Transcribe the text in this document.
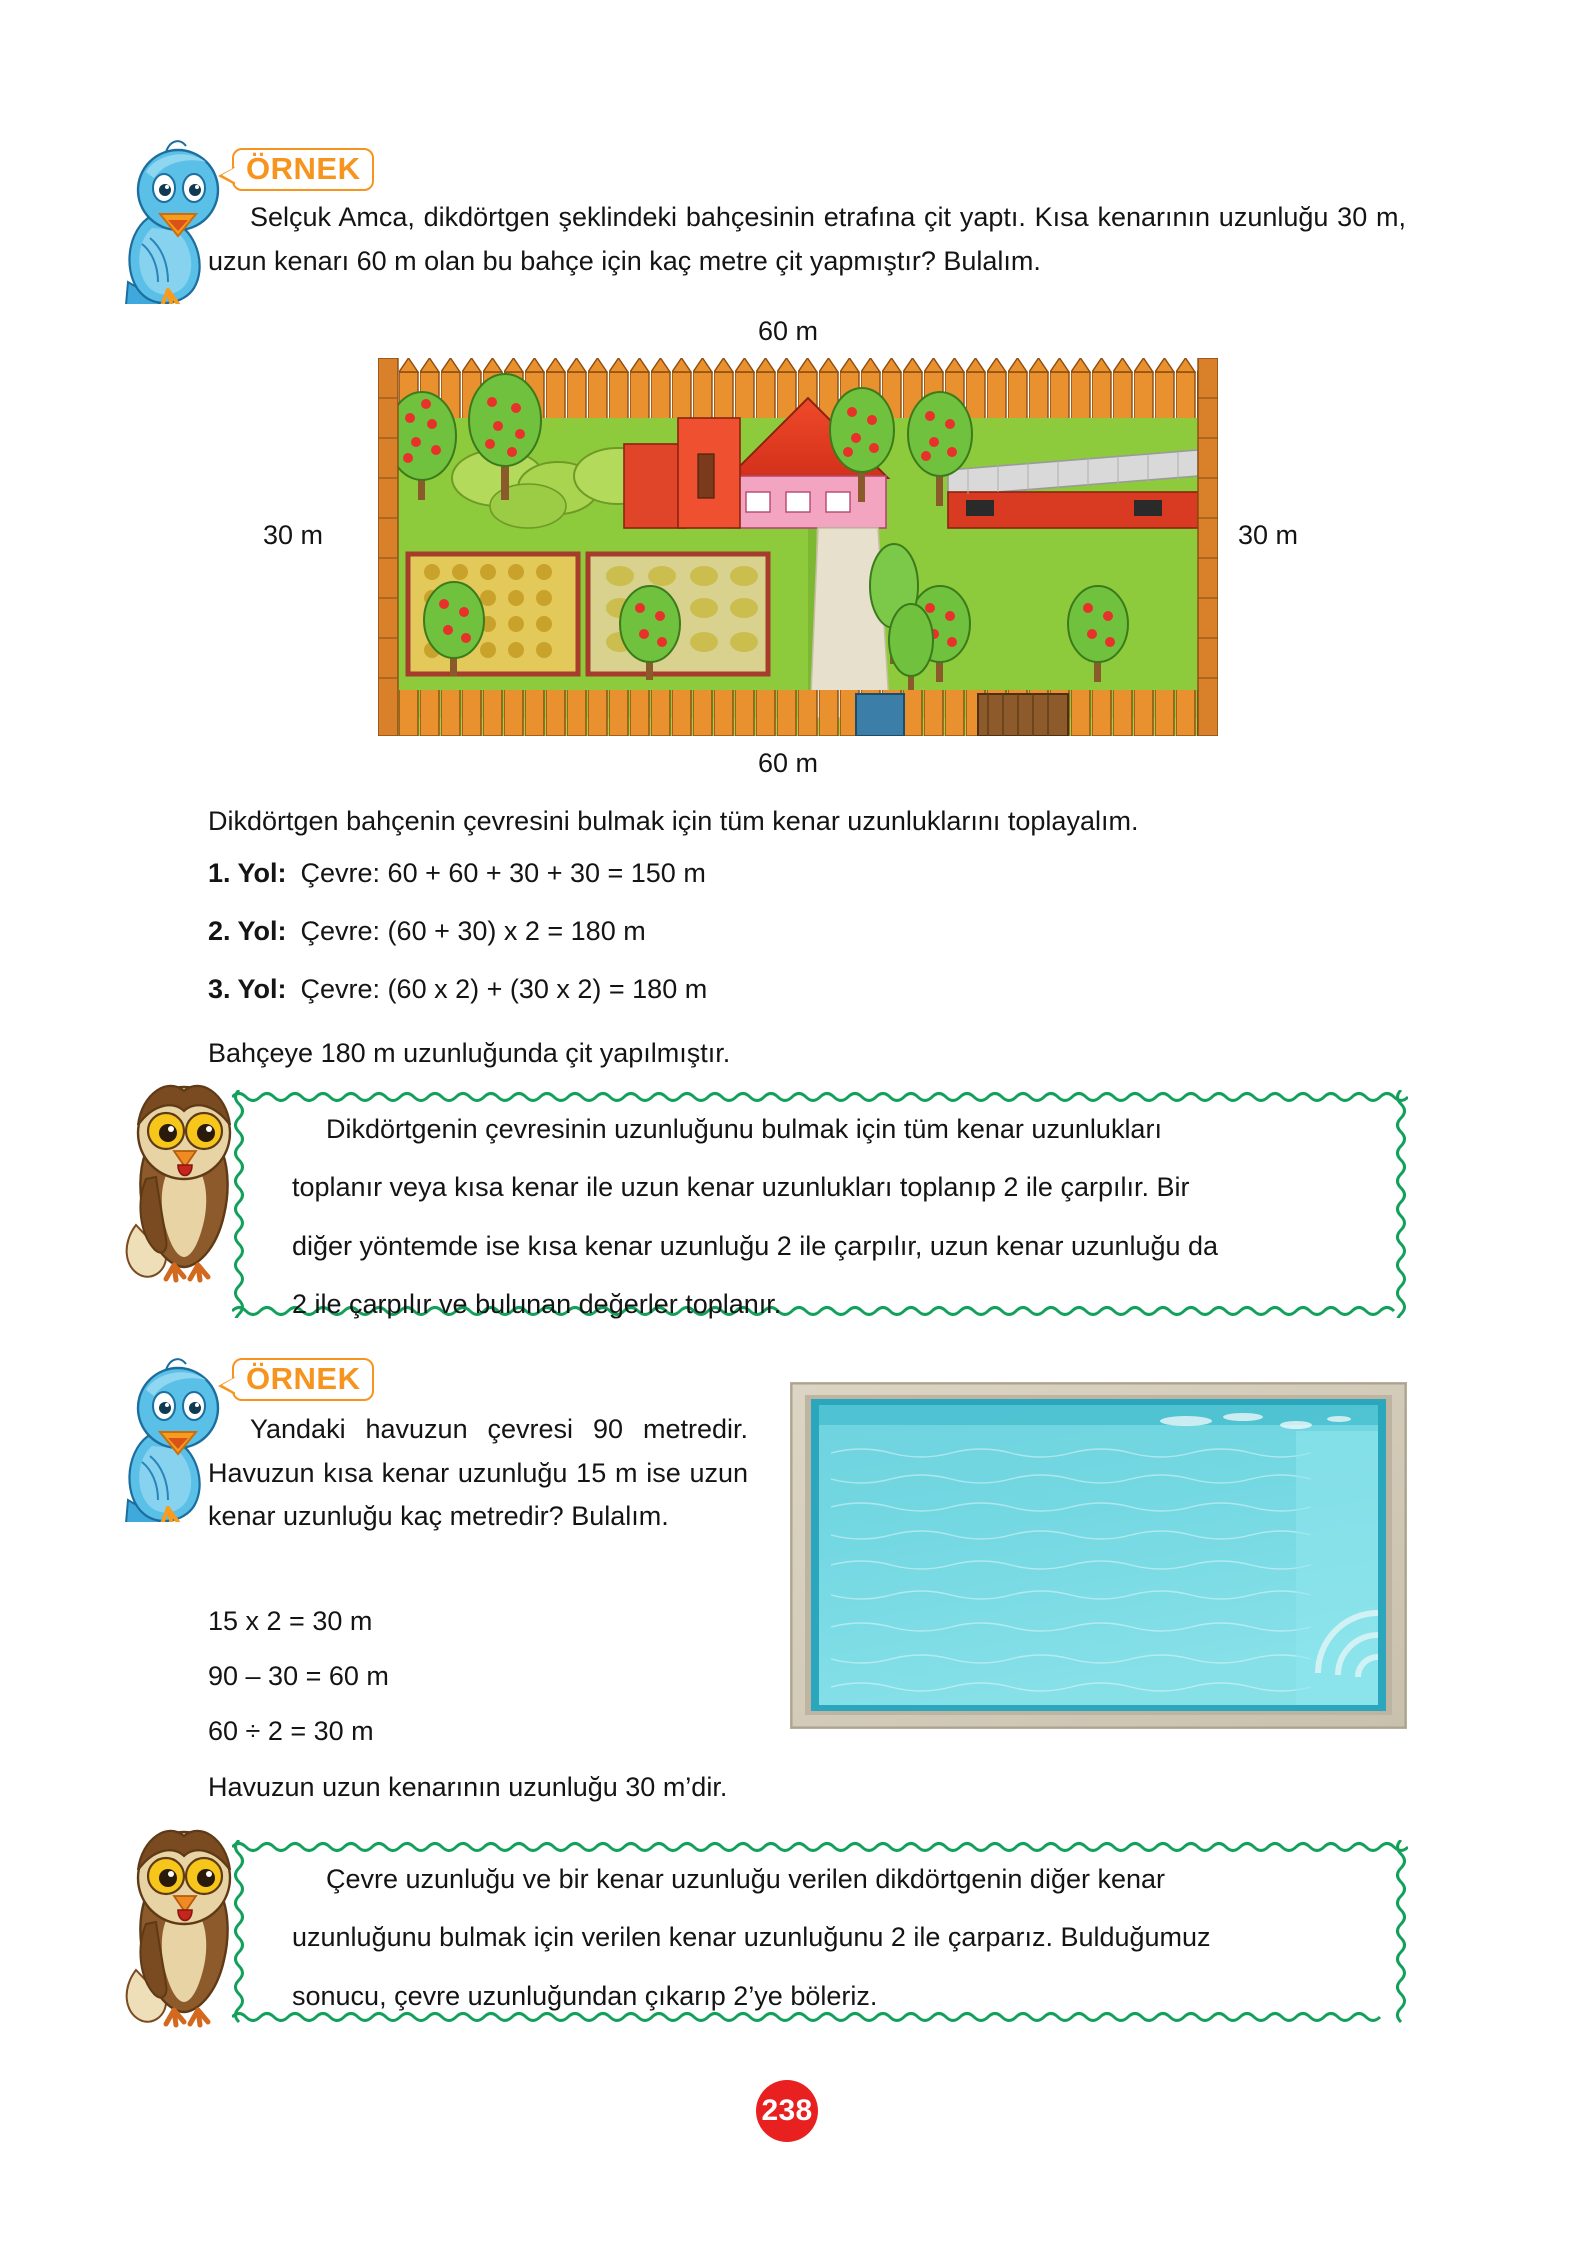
ÖRNEK
Selçuk Amca, dikdörtgen şeklindeki bahçesinin etrafına çit yaptı. Kısa kenarının uzunluğu 30 m, uzun kenarı 60 m olan bu bahçe için kaç metre çit yapmıştır? Bulalım.
60 m
30 m	30 m
60 m
Dikdörtgen bahçenin çevresini bulmak için tüm kenar uzunluklarını toplayalım.
1. Yol: Çevre: 60 + 60 + 30 + 30 = 150 m
2. Yol: Çevre: (60 + 30) x 2 = 180 m
3. Yol: Çevre: (60 x 2) + (30 x 2) = 180 m
Bahçeye 180 m uzunluğunda çit yapılmıştır.

Dikdörtgenin çevresinin uzunluğunu bulmak için tüm kenar uzunlukları

toplanır veya kısa kenar ile uzun kenar uzunlukları toplanıp 2 ile çarpılır. Bir

diğer yöntemde ise kısa kenar uzunluğu 2 ile çarpılır, uzun kenar uzunluğu da

2 ile çarpılır ve bulunan değerler toplanır.

ÖRNEK
Yandaki havuzun çevresi 90 metredir. Havuzun kısa kenar uzunluğu 15 m ise uzun kenar uzunluğu kaç metredir? Bulalım.
15 x 2 = 30 m
90 – 30 = 60 m
60 ÷ 2 = 30 m
Havuzun uzun kenarının uzunluğu 30 m’dir.

Çevre uzunluğu ve bir kenar uzunluğu verilen dikdörtgenin diğer kenar

uzunluğunu bulmak için verilen kenar uzunluğunu 2 ile çarparız. Bulduğumuz

sonucu, çevre uzunluğundan çıkarıp 2’ye böleriz.

238
